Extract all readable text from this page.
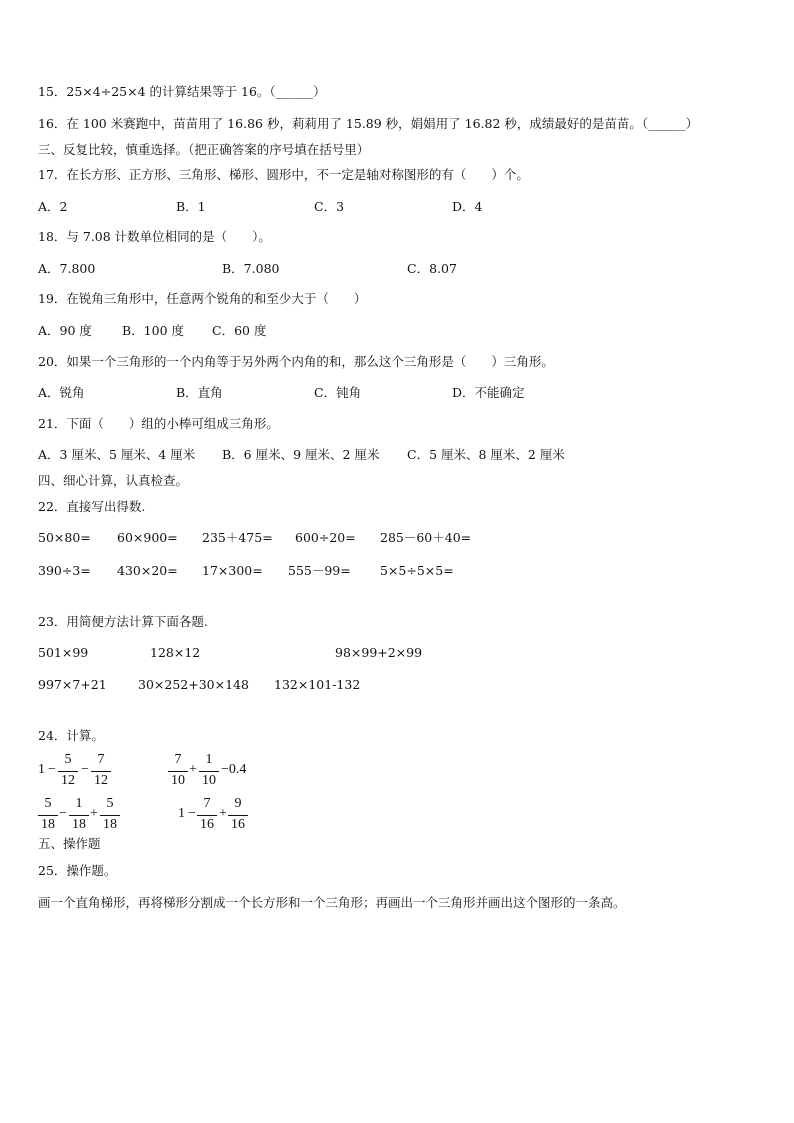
15．25×4÷25×4 的计算结果等于 16。（______）
16．在 100 米赛跑中，苗苗用了 16.86 秒，莉莉用了 15.89 秒，娟娟用了 16.82 秒，成绩最好的是苗苗。（______）
三、反复比较，慎重选择。（把正确答案的序号填在括号里）
17．在长方形、正方形、三角形、梯形、圆形中，不一定是轴对称图形的有（　　）个。
A．2	B．1	C．3	D．4
18．与 7.08 计数单位相同的是（　　）。
A．7.800	B．7.080	C．8.07
19．在锐角三角形中，任意两个锐角的和至少大于（　　）
A．90 度 B．100 度 C．60 度
20．如果一个三角形的一个内角等于另外两个内角的和，那么这个三角形是（　　）三角形。
A．锐角	B．直角	C．钝角	D．不能确定
21．下面（　　）组的小棒可组成三角形。
A．3 厘米、5 厘米、4 厘米 B．6 厘米、9 厘米、2 厘米 C．5 厘米、8 厘米、2 厘米
四、细心计算，认真检查。
22．直接写出得数.
50×80= 60×900= 235＋475= 600÷20= 285－60＋40=
390÷3= 430×20= 17×300= 555－99= 5×5÷5×5=
23．用简便方法计算下面各题.
501×99	128×12	98×99+2×99
997×7+21	30×252+30×148 132×101-132
24．计算。
1 −
5
12
−
7
12
7
10
+
1
10
−0.4
5
18
−
1
18
+
5
18
1 −
7
16
+
9
16
五、操作题
25．操作题。
画一个直角梯形，再将梯形分割成一个长方形和一个三角形；再画出一个三角形并画出这个图形的一条高。
